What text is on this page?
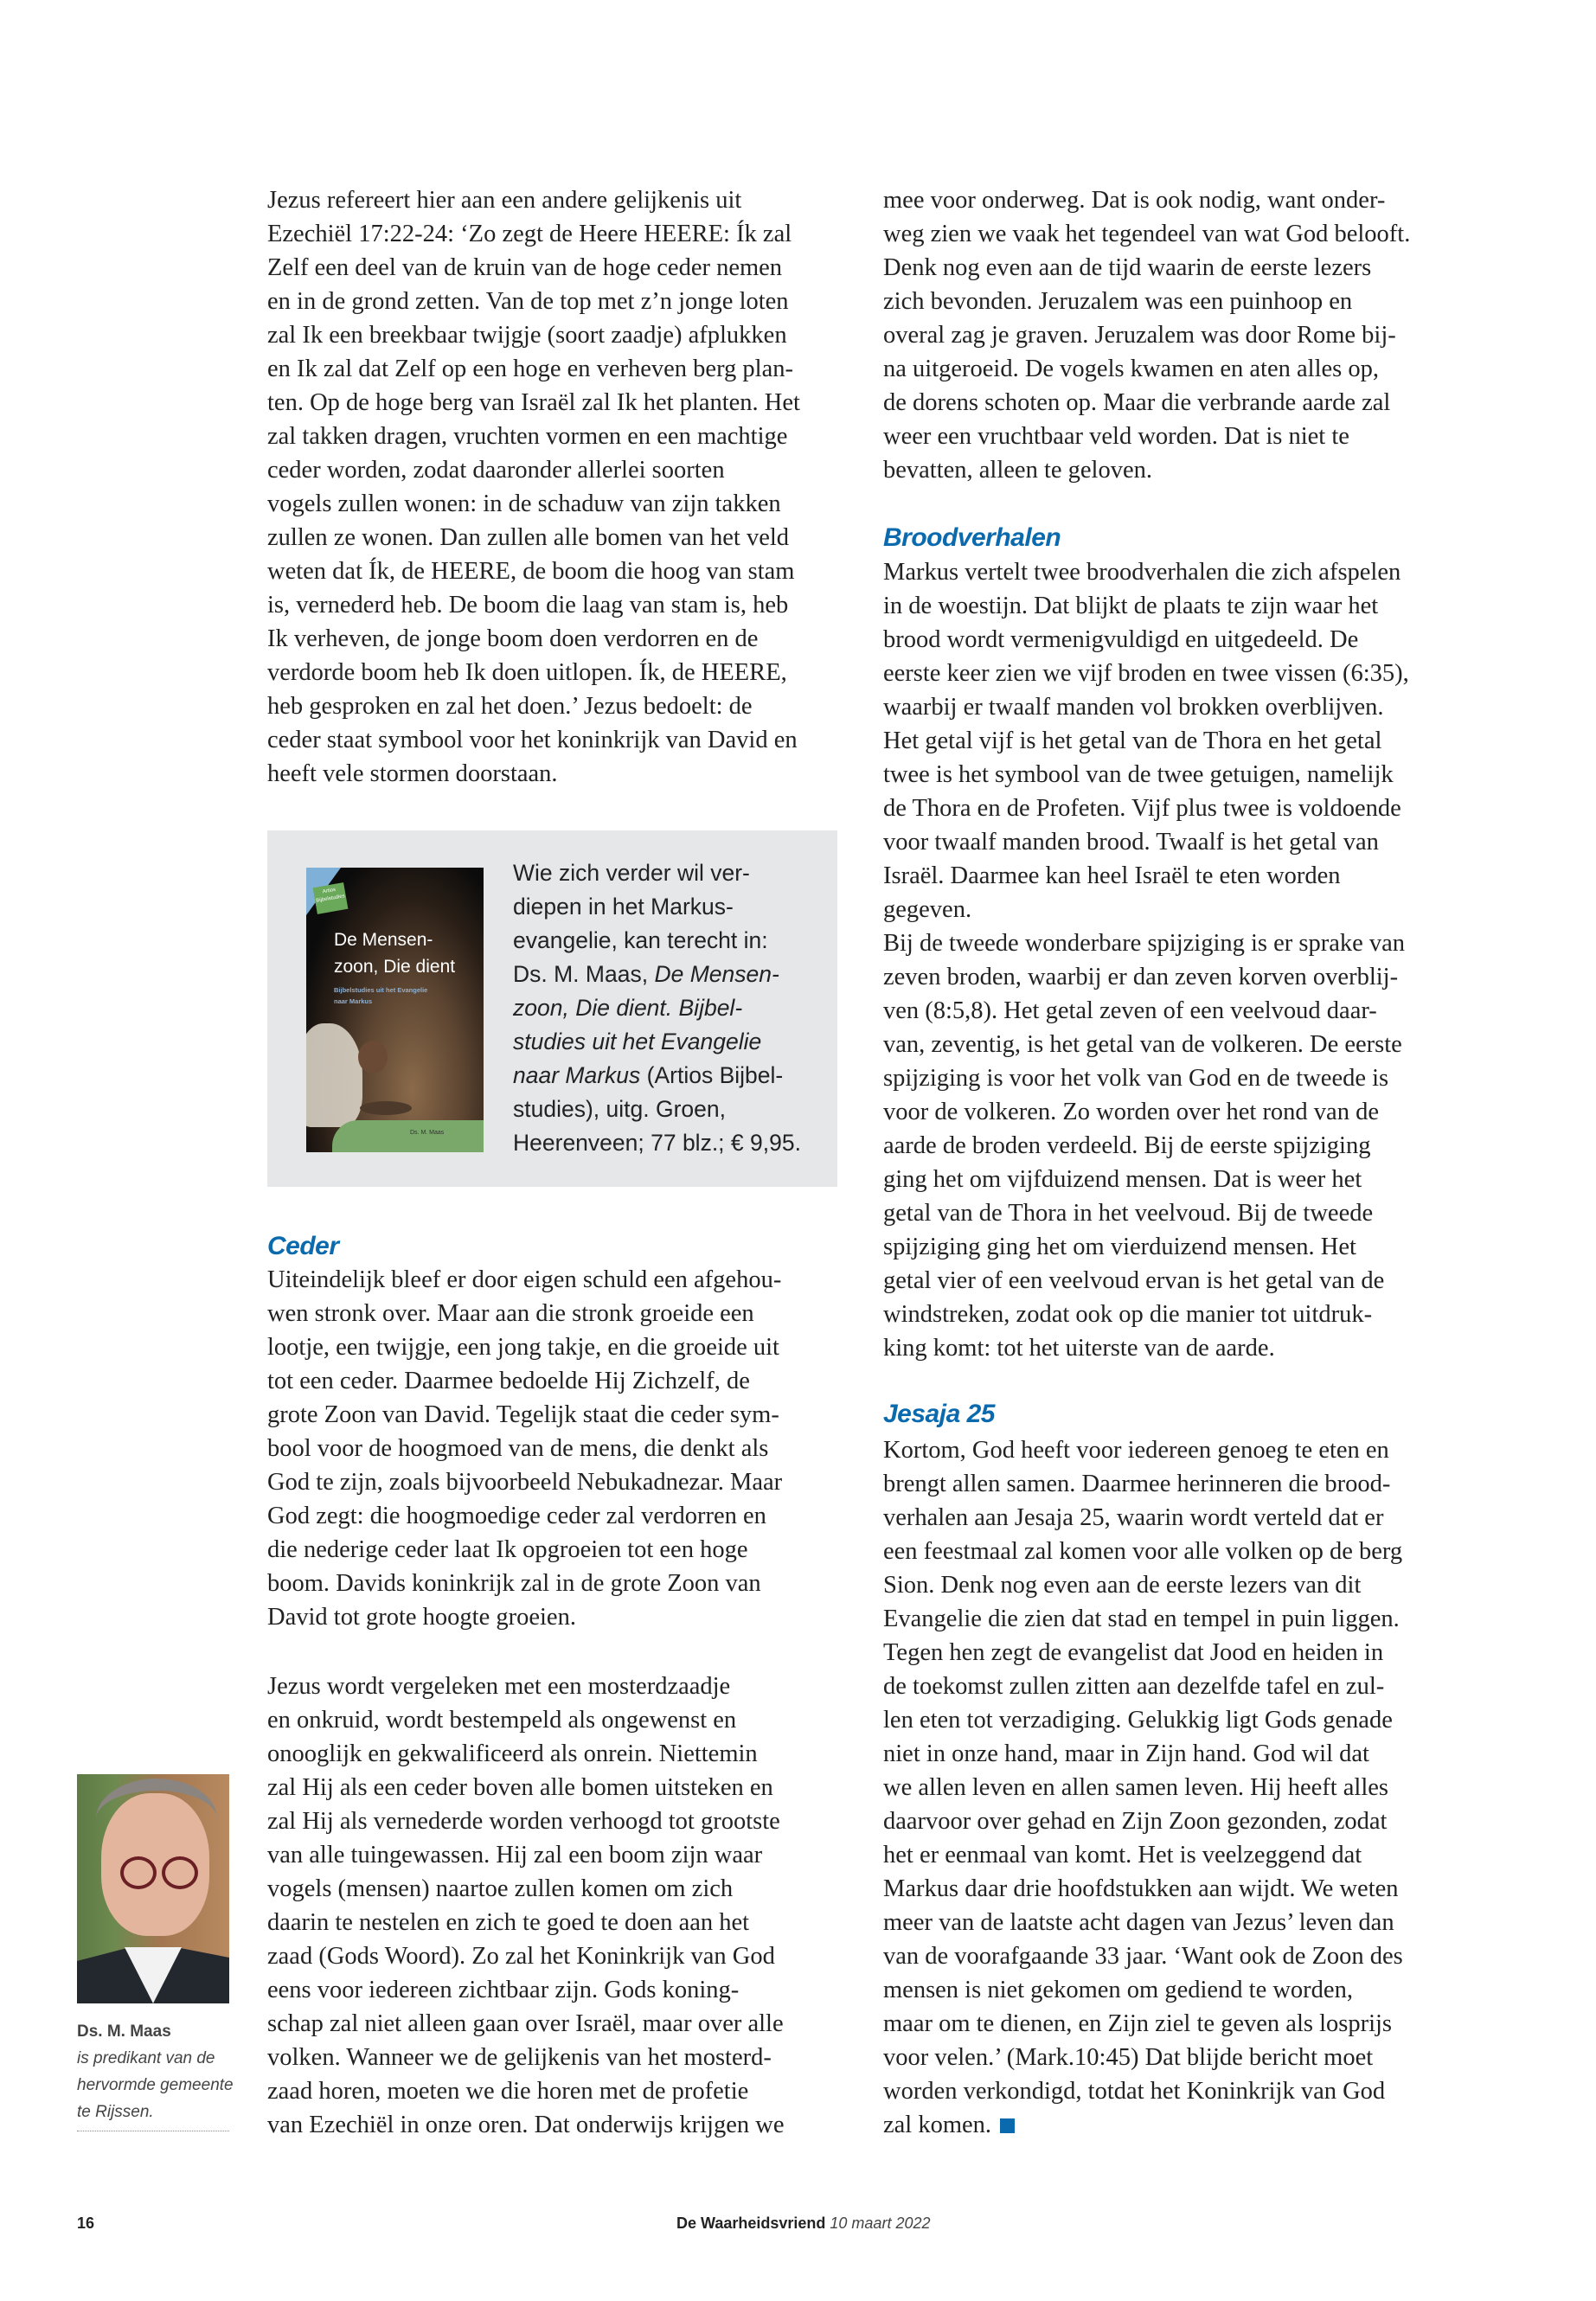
Jezus refereert hier aan een andere gelijkenis uit
Ezechiël 17:22-24: ‘Zo zegt de Heere HEERE: Ík zal
Zelf een deel van de kruin van de hoge ceder nemen
en in de grond zetten. Van de top met z’n jonge loten
zal Ik een breekbaar twijgje (soort zaadje) afplukken
en Ik zal dat Zelf op een hoge en verheven berg plan-
ten. Op de hoge berg van Israël zal Ik het planten. Het
zal takken dragen, vruchten vormen en een machtige
ceder worden, zodat daaronder allerlei soorten
vogels zullen wonen: in de schaduw van zijn takken
zullen ze wonen. Dan zullen alle bomen van het veld
weten dat Ík, de HEERE, de boom die hoog van stam
is, vernederd heb. De boom die laag van stam is, heb
Ik verheven, de jonge boom doen verdorren en de
verdorde boom heb Ik doen uitlopen. Ík, de HEERE,
heb gesproken en zal het doen.’ Jezus bedoelt: de
ceder staat symbool voor het koninkrijk van David en
heeft vele stormen doorstaan.
Ceder
Uiteindelijk bleef er door eigen schuld een afgehou-
wen stronk over. Maar aan die stronk groeide een
lootje, een twijgje, een jong takje, en die groeide uit
tot een ceder. Daarmee bedoelde Hij Zichzelf, de
grote Zoon van David. Tegelijk staat die ceder sym-
bool voor de hoogmoed van de mens, die denkt als
God te zijn, zoals bijvoorbeeld Nebukadnezar. Maar
God zegt: die hoogmoedige ceder zal verdorren en
die nederige ceder laat Ik opgroeien tot een hoge
boom. Davids koninkrijk zal in de grote Zoon van
David tot grote hoogte groeien.
Jezus wordt vergeleken met een mosterdzaadje
en onkruid, wordt bestempeld als ongewenst en
onooglijk en gekwalificeerd als onrein. Niettemin
zal Hij als een ceder boven alle bomen uitsteken en
zal Hij als vernederde worden verhoogd tot grootste
van alle tuingewassen. Hij zal een boom zijn waar
vogels (mensen) naartoe zullen komen om zich
daarin te nestelen en zich te goed te doen aan het
zaad (Gods Woord). Zo zal het Koninkrijk van God
eens voor iedereen zichtbaar zijn. Gods koning-
schap zal niet alleen gaan over Israël, maar over alle
volken. Wanneer we de gelijkenis van het mosterd-
zaad horen, moeten we die horen met de profetie
van Ezechiël in onze oren. Dat onderwijs krijgen we
Artios Bijbelstudies
De Mensen-
zoon, Die dient
Bijbelstudies uit het Evangelie
naar Markus
Ds. M. Maas
Wie zich verder wil ver-
diepen in het Markus-
evangelie, kan terecht in:
Ds. M. Maas, De Mensen-
zoon, Die dient. Bijbel-
studies uit het Evangelie
naar Markus (Artios Bijbel-
studies), uitg. Groen,
Heerenveen; 77 blz.; € 9,95.
mee voor onderweg. Dat is ook nodig, want onder-
weg zien we vaak het tegendeel van wat God belooft.
Denk nog even aan de tijd waarin de eerste lezers
zich bevonden. Jeruzalem was een puinhoop en
overal zag je graven. Jeruzalem was door Rome bij-
na uitgeroeid. De vogels kwamen en aten alles op,
de dorens schoten op. Maar die verbrande aarde zal
weer een vruchtbaar veld worden. Dat is niet te
bevatten, alleen te geloven.
Broodverhalen
Markus vertelt twee broodverhalen die zich afspelen
in de woestijn. Dat blijkt de plaats te zijn waar het
brood wordt vermenigvuldigd en uitgedeeld. De
eerste keer zien we vijf broden en twee vissen (6:35),
waarbij er twaalf manden vol brokken overblijven.
Het getal vijf is het getal van de Thora en het getal
twee is het symbool van de twee getuigen, namelijk
de Thora en de Profeten. Vijf plus twee is voldoende
voor twaalf manden brood. Twaalf is het getal van
Israël. Daarmee kan heel Israël te eten worden
gegeven.
Bij de tweede wonderbare spijziging is er sprake van
zeven broden, waarbij er dan zeven korven overblij-
ven (8:5,8). Het getal zeven of een veelvoud daar-
van, zeventig, is het getal van de volkeren. De eerste
spijziging is voor het volk van God en de tweede is
voor de volkeren. Zo worden over het rond van de
aarde de broden verdeeld. Bij de eerste spijziging
ging het om vijfduizend mensen. Dat is weer het
getal van de Thora in het veelvoud. Bij de tweede
spijziging ging het om vierduizend mensen. Het
getal vier of een veelvoud ervan is het getal van de
windstreken, zodat ook op die manier tot uitdruk-
king komt: tot het uiterste van de aarde.
Jesaja 25
Kortom, God heeft voor iedereen genoeg te eten en
brengt allen samen. Daarmee herinneren die brood-
verhalen aan Jesaja 25, waarin wordt verteld dat er
een feestmaal zal komen voor alle volken op de berg
Sion. Denk nog even aan de eerste lezers van dit
Evangelie die zien dat stad en tempel in puin liggen.
Tegen hen zegt de evangelist dat Jood en heiden in
de toekomst zullen zitten aan dezelfde tafel en zul-
len eten tot verzadiging. Gelukkig ligt Gods genade
niet in onze hand, maar in Zijn hand. God wil dat
we allen leven en allen samen leven. Hij heeft alles
daarvoor over gehad en Zijn Zoon gezonden, zodat
het er eenmaal van komt. Het is veelzeggend dat
Markus daar drie hoofdstukken aan wijdt. We weten
meer van de laatste acht dagen van Jezus’ leven dan
van de voorafgaande 33 jaar. ‘Want ook de Zoon des
mensen is niet gekomen om gediend te worden,
maar om te dienen, en Zijn ziel te geven als losprijs
voor velen.’ (Mark.10:45) Dat blijde bericht moet
worden verkondigd, totdat het Koninkrijk van God
zal komen.
Ds. M. Maas
is predikant van de
hervormde gemeente
te Rijssen.
16	De Waarheidsvriend 10 maart 2022
